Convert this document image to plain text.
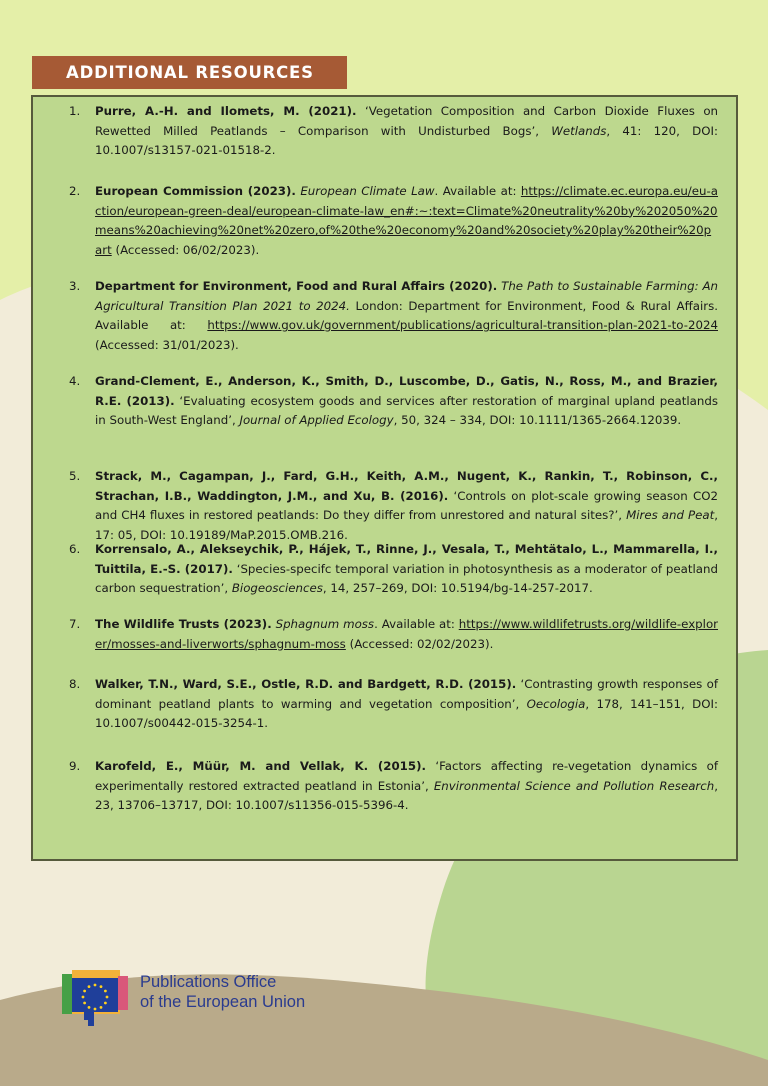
ADDITIONAL RESOURCES
1. Purre, A.-H. and Ilomets, M. (2021). ‘Vegetation Composition and Carbon Dioxide Fluxes on Rewetted Milled Peatlands – Comparison with Undisturbed Bogs’, Wetlands, 41: 120, DOI: 10.1007/s13157-021-01518-2.
2. European Commission (2023). European Climate Law. Available at: https://climate.ec.europa.eu/eu-action/european-green-deal/european-climate-law_en#:~:text=Climate%20neutrality%20by%202050%20means%20achieving%20net%20zero,of%20the%20economy%20and%20society%20play%20their%20part (Accessed: 06/02/2023).
3. Department for Environment, Food and Rural Affairs (2020). The Path to Sustainable Farming: An Agricultural Transition Plan 2021 to 2024. London: Department for Environment, Food & Rural Affairs. Available at: https://www.gov.uk/government/publications/agricultural-transition-plan-2021-to-2024 (Accessed: 31/01/2023).
4. Grand-Clement, E., Anderson, K., Smith, D., Luscombe, D., Gatis, N., Ross, M., and Brazier, R.E. (2013). ‘Evaluating ecosystem goods and services after restoration of marginal upland peatlands in South-West England’, Journal of Applied Ecology, 50, 324 – 334, DOI: 10.1111/1365-2664.12039.
5. Strack, M., Cagampan, J., Fard, G.H., Keith, A.M., Nugent, K., Rankin, T., Robinson, C., Strachan, I.B., Waddington, J.M., and Xu, B. (2016). ‘Controls on plot-scale growing season CO2 and CH4 fluxes in restored peatlands: Do they differ from unrestored and natural sites?’, Mires and Peat, 17: 05, DOI: 10.19189/MaP.2015.OMB.216.
6. Korrensalo, A., Alekseychik, P., Hájek, T., Rinne, J., Vesala, T., Mehtätalo, L., Mammarella, I., Tuittila, E.-S. (2017). ‘Species-specifc temporal variation in photosynthesis as a moderator of peatland carbon sequestration’, Biogeosciences, 14, 257–269, DOI: 10.5194/bg-14-257-2017.
7. The Wildlife Trusts (2023). Sphagnum moss. Available at: https://www.wildlifetrusts.org/wildlife-explorer/mosses-and-liverworts/sphagnum-moss (Accessed: 02/02/2023).
8. Walker, T.N., Ward, S.E., Ostle, R.D. and Bardgett, R.D. (2015). ‘Contrasting growth responses of dominant peatland plants to warming and vegetation composition’, Oecologia, 178, 141–151, DOI: 10.1007/s00442-015-3254-1.
9. Karofeld, E., Müür, M. and Vellak, K. (2015). ‘Factors affecting re-vegetation dynamics of experimentally restored extracted peatland in Estonia’, Environmental Science and Pollution Research, 23, 13706–13717, DOI: 10.1007/s11356-015-5396-4.
Publications Office
of the European Union
